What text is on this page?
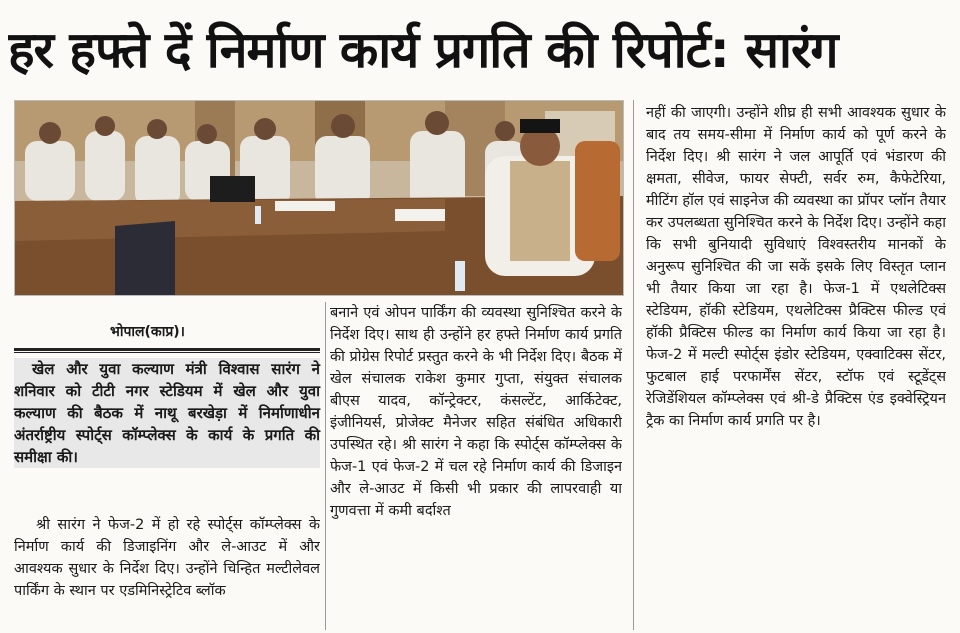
हर हफ्ते दें निर्माण कार्य प्रगति की रिपोर्ट: सारंग
भोपाल(काप्र)।
खेल और युवा कल्याण मंत्री विश्वास सारंग ने शनिवार को टीटी नगर स्टेडियम में खेल और युवा कल्याण की बैठक में नाथू बरखेड़ा में निर्माणाधीन अंतर्राष्ट्रीय स्पोर्ट्स कॉम्प्लेक्स के कार्य के प्रगति की समीक्षा की।

श्री सारंग ने फेज-2 में हो रहे स्पोर्ट्स कॉम्प्लेक्स के निर्माण कार्य की डिजाइनिंग और ले-आउट में और आवश्यक सुधार के निर्देश दिए। उन्होंने चिन्हित मल्टीलेवल पार्किंग के स्थान पर एडमिनिस्ट्रेटिव ब्लॉक

बनाने एवं ओपन पार्किंग की व्यवस्था सुनिश्चित करने के निर्देश दिए। साथ ही उन्होंने हर हफ्ते निर्माण कार्य प्रगति की प्रोग्रेस रिपोर्ट प्रस्तुत करने के भी निर्देश दिए। बैठक में खेल संचालक राकेश कुमार गुप्ता, संयुक्त संचालक बीएस यादव, कॉन्ट्रेक्टर, कंसल्टेंट, आर्किटेक्ट, इंजीनियर्स, प्रोजेक्ट मैनेजर सहित संबंधित अधिकारी उपस्थित रहे। श्री सारंग ने कहा कि स्पोर्ट्स कॉम्प्लेक्स के फेज-1 एवं फेज-2 में चल रहे निर्माण कार्य की डिजाइन और ले-आउट में किसी भी प्रकार की लापरवाही या गुणवत्ता में कमी बर्दाश्त

नहीं की जाएगी। उन्होंने शीघ्र ही सभी आवश्यक सुधार के बाद तय समय-सीमा में निर्माण कार्य को पूर्ण करने के निर्देश दिए। श्री सारंग ने जल आपूर्ति एवं भंडारण की क्षमता, सीवेज, फायर सेफ्टी, सर्वर रुम, कैफेटेरिया, मीटिंग हॉल एवं साइनेज की व्यवस्था का प्रॉपर प्लॉन तैयार कर उपलब्धता सुनिश्चित करने के निर्देश दिए। उन्होंने कहा कि सभी बुनियादी सुविधाएं विश्वस्तरीय मानकों के अनुरूप सुनिश्चित की जा सकें इसके लिए विस्तृत प्लान भी तैयार किया जा रहा है। फेज-1 में एथलेटिक्स स्टेडियम, हॉकी स्टेडियम, एथलेटिक्स प्रैक्टिस फील्ड एवं हॉकी प्रैक्टिस फील्ड का निर्माण कार्य किया जा रहा है। फेज-2 में मल्टी स्पोर्ट्स इंडोर स्टेडियम, एक्वाटिक्स सेंटर, फुटबाल हाई परफार्मेंस सेंटर, स्टॉफ एवं स्टूडेंट्स रेजिडेंशियल कॉम्प्लेक्स एवं श्री-डे प्रैक्टिस एंड इक्वेस्ट्रियन ट्रैक का निर्माण कार्य प्रगति पर है।
